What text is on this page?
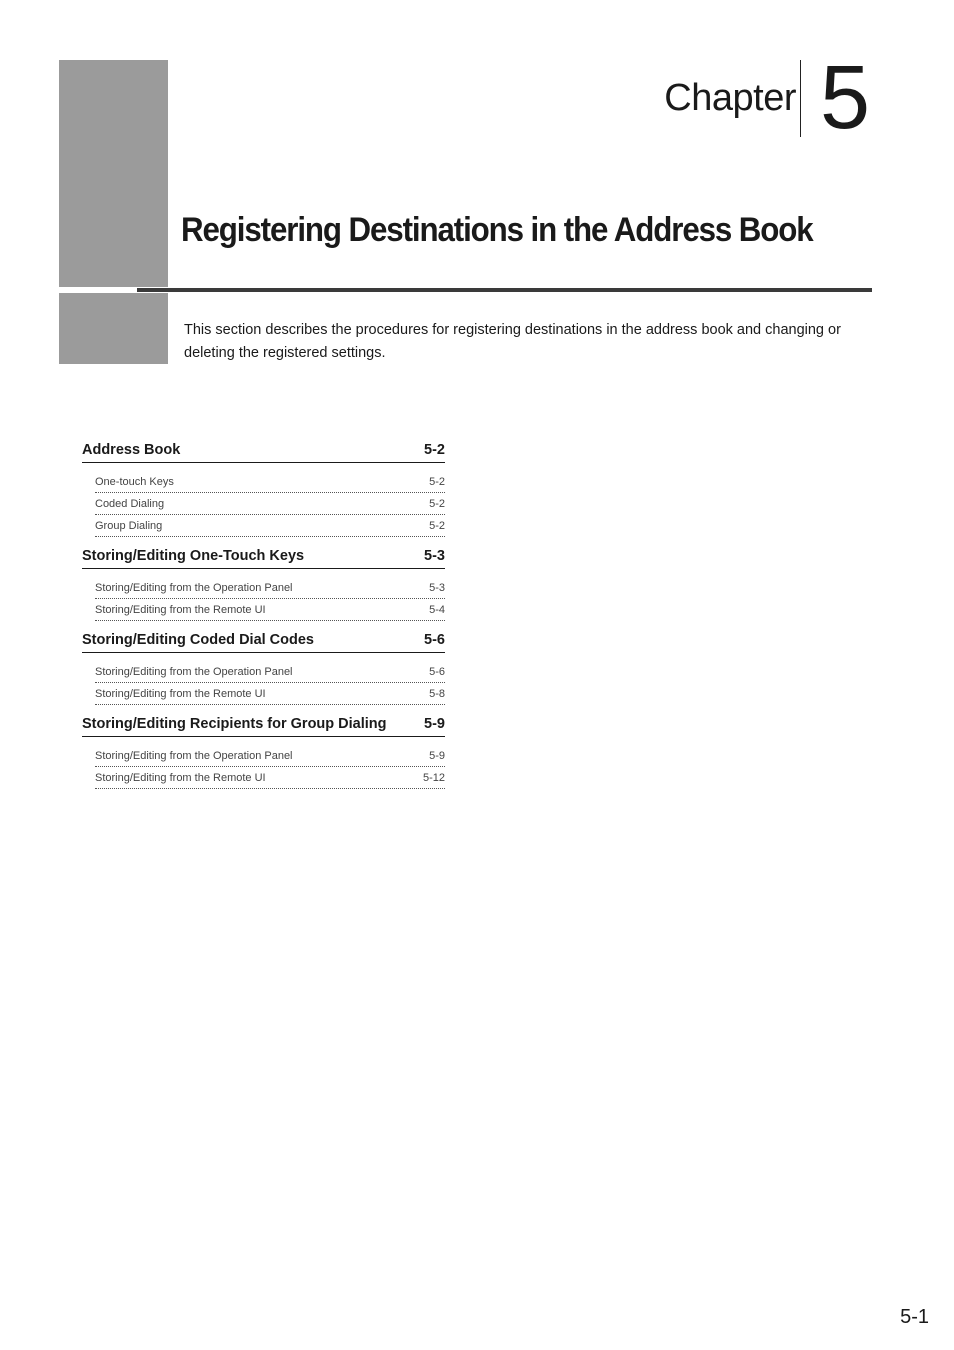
Chapter 5
Registering Destinations in the Address Book

This section describes the procedures for registering destinations in the address book and changing or deleting the registered settings.

Address Book	5-2
One-touch Keys	5-2
Coded Dialing	5-2
Group Dialing	5-2
Storing/Editing One-Touch Keys	5-3
Storing/Editing from the Operation Panel	5-3
Storing/Editing from the Remote UI	5-4
Storing/Editing Coded Dial Codes	5-6
Storing/Editing from the Operation Panel	5-6
Storing/Editing from the Remote UI	5-8
Storing/Editing Recipients for Group Dialing	5-9
Storing/Editing from the Operation Panel	5-9
Storing/Editing from the Remote UI	5-12
5-1
